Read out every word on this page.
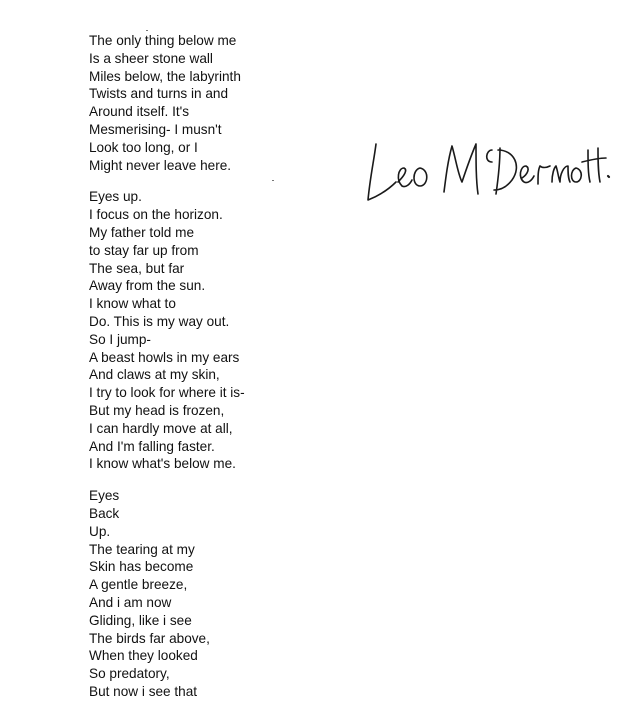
The only thing below me
Is a sheer stone wall
Miles below, the labyrinth
Twists and turns in and
Around itself. It's
Mesmerising- I musn't
Look too long, or I
Might never leave here.
Eyes up.
I focus on the horizon.
My father told me
to stay far up from
The sea, but far
Away from the sun.
I know what to
Do. This is my way out.
So I jump-
A beast howls in my ears
And claws at my skin,
I try to look for where it is-
But my head is frozen,
I can hardly move at all,
And I'm falling faster.
I know what's below me.
Eyes
Back
Up.
The tearing at my
Skin has become
A gentle breeze,
And i am now
Gliding, like i see
The birds far above,
When they looked
So predatory,
But now i see that
